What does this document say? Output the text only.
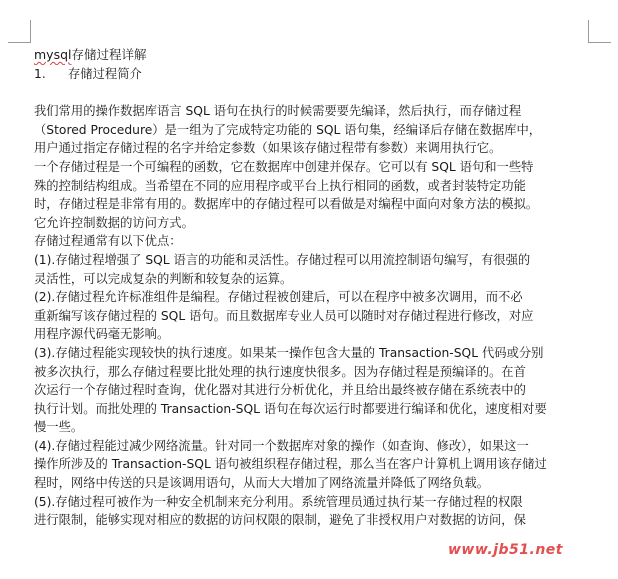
mysql存储过程详解
1.	存储过程简介
我们常用的操作数据库语言 SQL 语句在执行的时候需要要先编译，然后执行，而存储过程
（Stored Procedure）是一组为了完成特定功能的 SQL 语句集，经编译后存储在数据库中，
用户通过指定存储过程的名字并给定参数（如果该存储过程带有参数）来调用执行它。
一个存储过程是一个可编程的函数，它在数据库中创建并保存。它可以有 SQL 语句和一些特
殊的控制结构组成。当希望在不同的应用程序或平台上执行相同的函数，或者封装特定功能
时，存储过程是非常有用的。数据库中的存储过程可以看做是对编程中面向对象方法的模拟。
它允许控制数据的访问方式。
存储过程通常有以下优点：
(1).存储过程增强了 SQL 语言的功能和灵活性。存储过程可以用流控制语句编写，有很强的
灵活性，可以完成复杂的判断和较复杂的运算。
(2).存储过程允许标准组件是编程。存储过程被创建后，可以在程序中被多次调用，而不必
重新编写该存储过程的 SQL 语句。而且数据库专业人员可以随时对存储过程进行修改，对应
用程序源代码毫无影响。
(3).存储过程能实现较快的执行速度。如果某一操作包含大量的 Transaction-SQL 代码或分别
被多次执行，那么存储过程要比批处理的执行速度快很多。因为存储过程是预编译的。在首
次运行一个存储过程时查询，优化器对其进行分析优化，并且给出最终被存储在系统表中的
执行计划。而批处理的 Transaction-SQL 语句在每次运行时都要进行编译和优化，速度相对要
慢一些。
(4).存储过程能过减少网络流量。针对同一个数据库对象的操作（如查询、修改），如果这一
操作所涉及的 Transaction-SQL 语句被组织程存储过程，那么当在客户计算机上调用该存储过
程时，网络中传送的只是该调用语句，从而大大增加了网络流量并降低了网络负载。
(5).存储过程可被作为一种安全机制来充分利用。系统管理员通过执行某一存储过程的权限
进行限制，能够实现对相应的数据的访问权限的限制，避免了非授权用户对数据的访问，保
www.jb51.net
